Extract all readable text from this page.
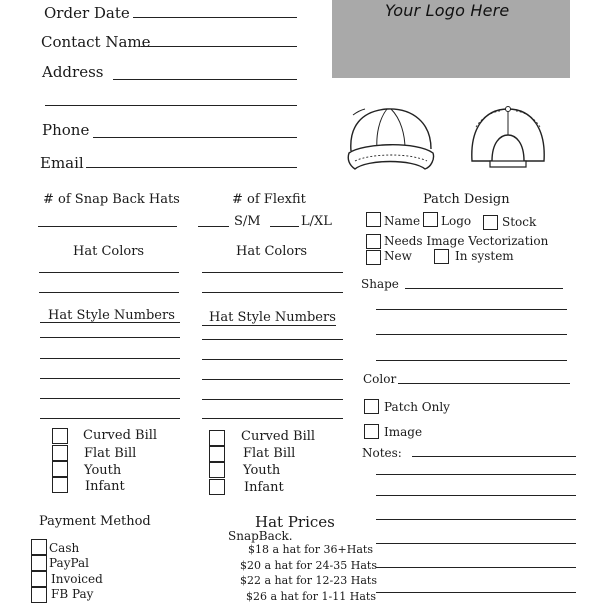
Order Date
Contact Name
Address
Phone
Email
Your Logo Here
# of Snap Back Hats	# of Flexfit
S/M	L/XL
Patch Design
Name Logo	Stock
Needs Image Vectorization
New	In system
Shape
Color
Patch Only
Image
Notes:
Hat Colors
Hat Style Numbers
Curved Bill
Flat Bill
Youth
Infant
Hat Colors
Hat Style Numbers
Curved Bill
Flat Bill
Youth
Infant
Payment Method
Cash
PayPal
Invoiced
FB Pay
Hat Prices
SnapBack.
$18 a hat for 36+Hats
$20 a hat for 24-35 Hats
$22 a hat for 12-23 Hats
$26 a hat for 1-11 Hats
